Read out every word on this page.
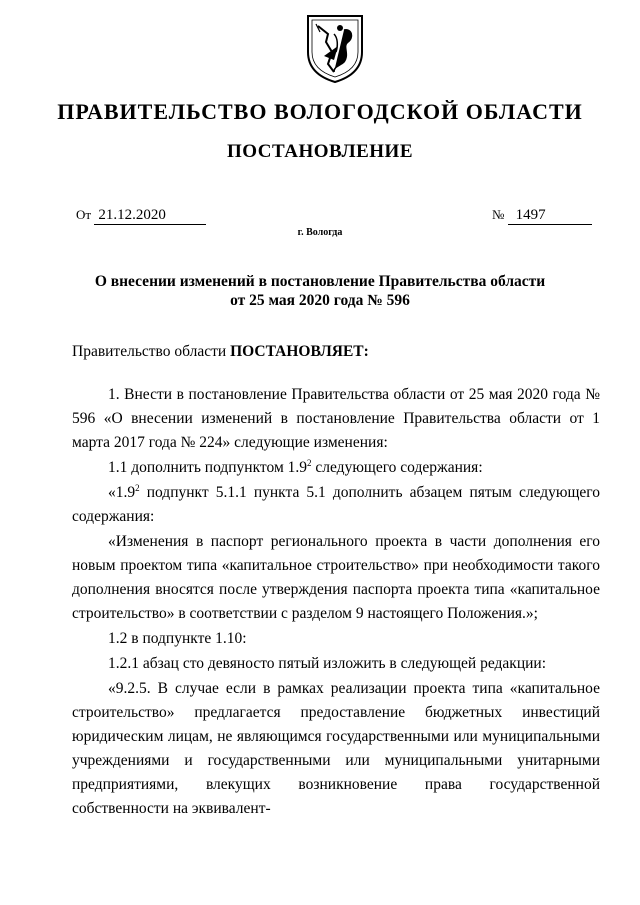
ПРАВИТЕЛЬСТВО ВОЛОГОДСКОЙ ОБЛАСТИ
ПОСТАНОВЛЕНИЕ
От 21.12.2020	№ 1497
г. Вологда
О внесении изменений в постановление Правительства области
от 25 мая 2020 года № 596
Правительство области ПОСТАНОВЛЯЕТ:

1. Внести в постановление Правительства области от 25 мая 2020 года № 596 «О внесении изменений в постановление Правительства области от 1 марта 2017 года № 224» следующие изменения:

1.1 дополнить подпунктом $1.9^2$ следующего содержания:

«$1.9^2$ подпункт 5.1.1 пункта 5.1 дополнить абзацем пятым следующего содержания:

«Изменения в паспорт регионального проекта в части дополнения его новым проектом типа «капитальное строительство» при необходимости такого дополнения вносятся после утверждения паспорта проекта типа «капитальное строительство» в соответствии с разделом 9 настоящего Положения.»;

1.2 в подпункте 1.10:

1.2.1 абзац сто девяносто пятый изложить в следующей редакции:

«9.2.5. В случае если в рамках реализации проекта типа «капитальное строительство» предлагается предоставление бюджетных инвестиций юридическим лицам, не являющимся государственными или муниципальными учреждениями и государственными или муниципальными унитарными предприятиями, влекущих возникновение права государственной собственности на эквивалент-
